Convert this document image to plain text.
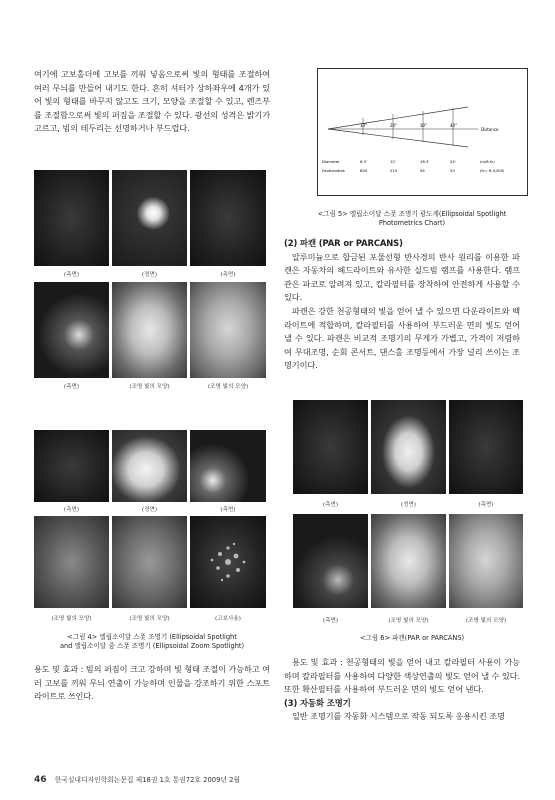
여기에 고보홀더에 고보를 끼워 넣음으로써 빛의 형태를 조절하여 여러 무늬를 만들어 내기도 한다. 흔히 셔터가 상하좌우에 4개가 있어 빛의 형태를 바꾸지 않고도 크기, 모양을 조절할 수 있고, 렌즈부를 조절함으로써 빛의 퍼짐을 조절할 수 있다. 광선의 성격은 밝기가 고르고, 빔의 테두리는 선명하거나 부드럽다.

(측면)	(정면)	(측면)
(측면)	(조명 빛의 모양)	(조명 빛의 모양)
(측면)	(정면)	(측면)
(조명 빛의 모양)	(조명 빛의 모양)	(고보사용)
<그림 4> 엘립소이달 스폿 조명기 (Ellipsoidal Spotlight
and 엘립소이달 줌 스폿 조명기 (Ellipsoidal Zoom Spotlight)

용도 및 효과 : 빔의 퍼짐이 크고 강하며 빛 형태 조절이 가능하고 여러 고보를 끼워 무늬 연출이 가능하며 인물을 강조하기 위한 스포트라이트로 쓰인다.

10°	20°	30°	40°
Distance
Diameter	6.3'	12'	18.3'	24'	(m/ft-fc)
Footcandles	850	210	94	53	(fc= ft-4,500)
<그림 5> 엘립소이달 스폿 조명기 광도계(Ellipsoidal Spotlight
Photometrics Chart)

(2) 파캔 (PAR or PARCANS)

알루미늄으로 합금된 포물선형 반사경의 반사 원리를 이용한 파캔은 자동차의 헤드라이트와 유사한 실드빔 램프를 사용한다. 램프관은 파코로 알려져 있고, 칼라필터를 장착하여 안전하게 사용할 수 있다.

파캔은 강한 천공형태의 빛을 얻어 낼 수 있으면 다운라이트와 백라이트에 적합하며, 칼라필터를 사용하여 부드러운 면의 빛도 얻어 낼 수 있다. 파캔은 비교적 조명기의 무게가 가볍고, 가격이 저렴하여 무대조명, 순회 콘서트, 댄스홀 조명등에서 가장 널리 쓰이는 조명기이다.

(측면)	(정면)	(측면)
(측면)	(조명 빛의 모양)	(조명 빛의 모양)
<그림 6> 파캔(PAR or PARCANS)

용도 및 효과 : 천공형태의 빛을 얻어 내고 칼라필터 사용이 가능하며 칼라필터를 사용하여 다양한 색상연출의 빛도 얻어 낼 수 있다. 또한 확산필터를 사용하여 부드러운 면의 빛도 얻어 낸다.

(3) 자동화 조명기

일반 조명기를 자동화 시스템으로 작동 되도록 응용시킨 조명

46 한국실내디자인학회논문집 제18권 1호 통권72호 2009년 2월
